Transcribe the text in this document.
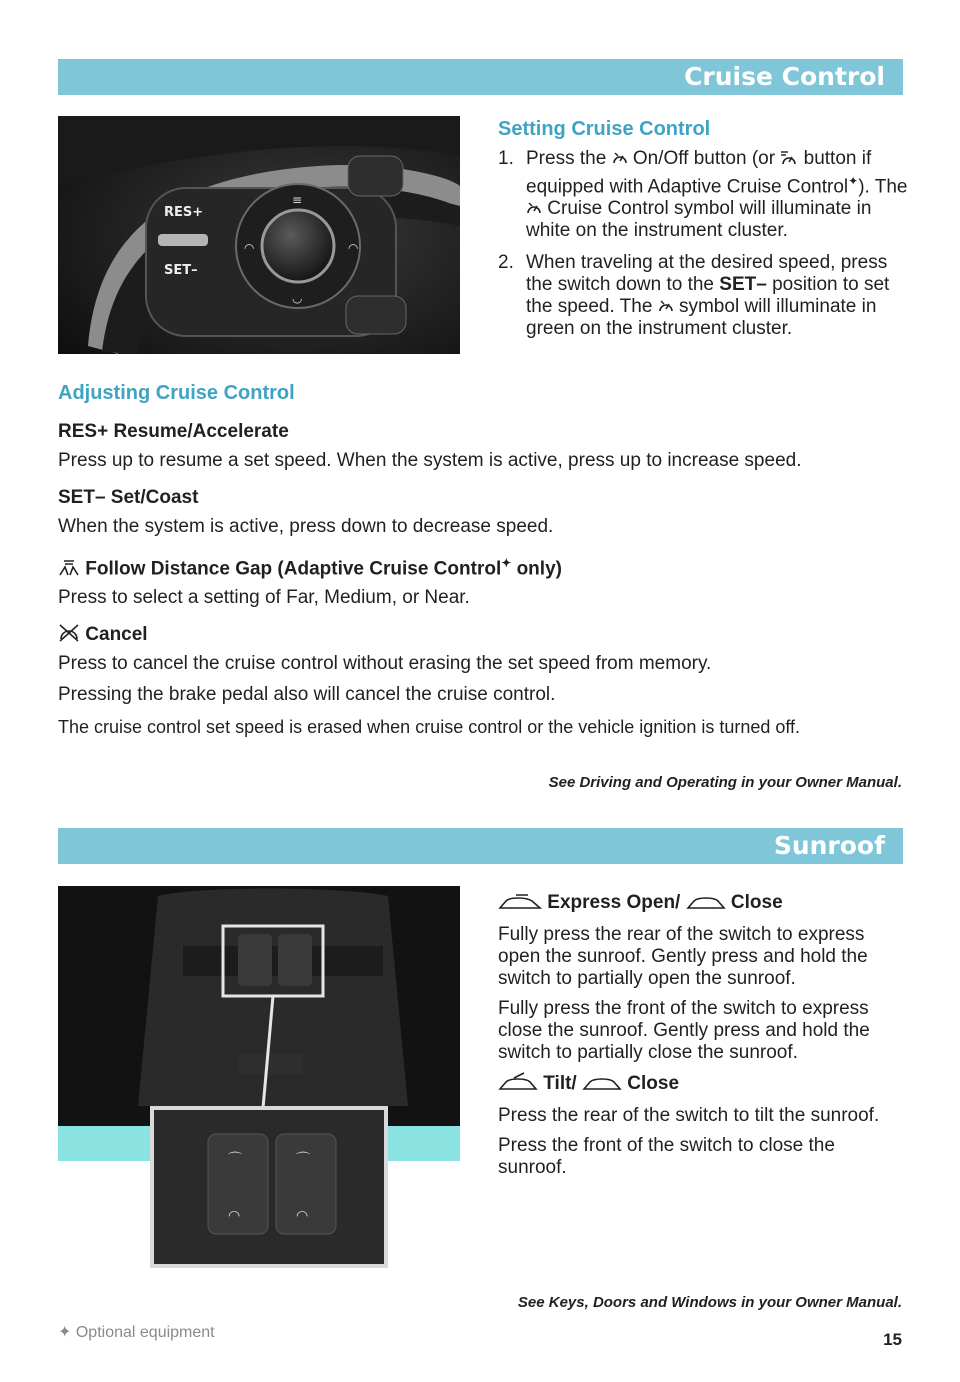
Cruise Control
◠	◠
≡
◡
RES+
SET–
Setting Cruise Control
1. Press the On/Off button (or button if equipped with Adaptive Cruise Control✦). The  Cruise Control symbol will illuminate in white on the instrument cluster.
2. When traveling at the desired speed, press the switch down to the SET– position to set the speed. The symbol will illuminate in green on the instrument cluster.
Adjusting Cruise Control

RES+ Resume/Accelerate

Press up to resume a set speed. When the system is active, press up to increase speed.

SET– Set/Coast

When the system is active, press down to decrease speed.

Follow Distance Gap (Adaptive Cruise Control✦ only)

Press to select a setting of Far, Medium, or Near.

Cancel

Press to cancel the cruise control without erasing the set speed from memory.

Pressing the brake pedal also will cancel the cruise control.

The cruise control set speed is erased when cruise control or the vehicle ignition is turned off.

See Driving and Operating in your Owner Manual.
Sunroof
⌒	⌒
◠	◠

Express Open/	Close

Fully press the rear of the switch to express open the sunroof. Gently press and hold the switch to partially open the sunroof.

Fully press the front of the switch to express close the sunroof. Gently press and hold the switch to partially close the sunroof.

Tilt/	Close

Press the rear of the switch to tilt the sunroof.

Press the front of the switch to close the sunroof.

See Keys, Doors and Windows in your Owner Manual.
✦ Optional equipment	15
